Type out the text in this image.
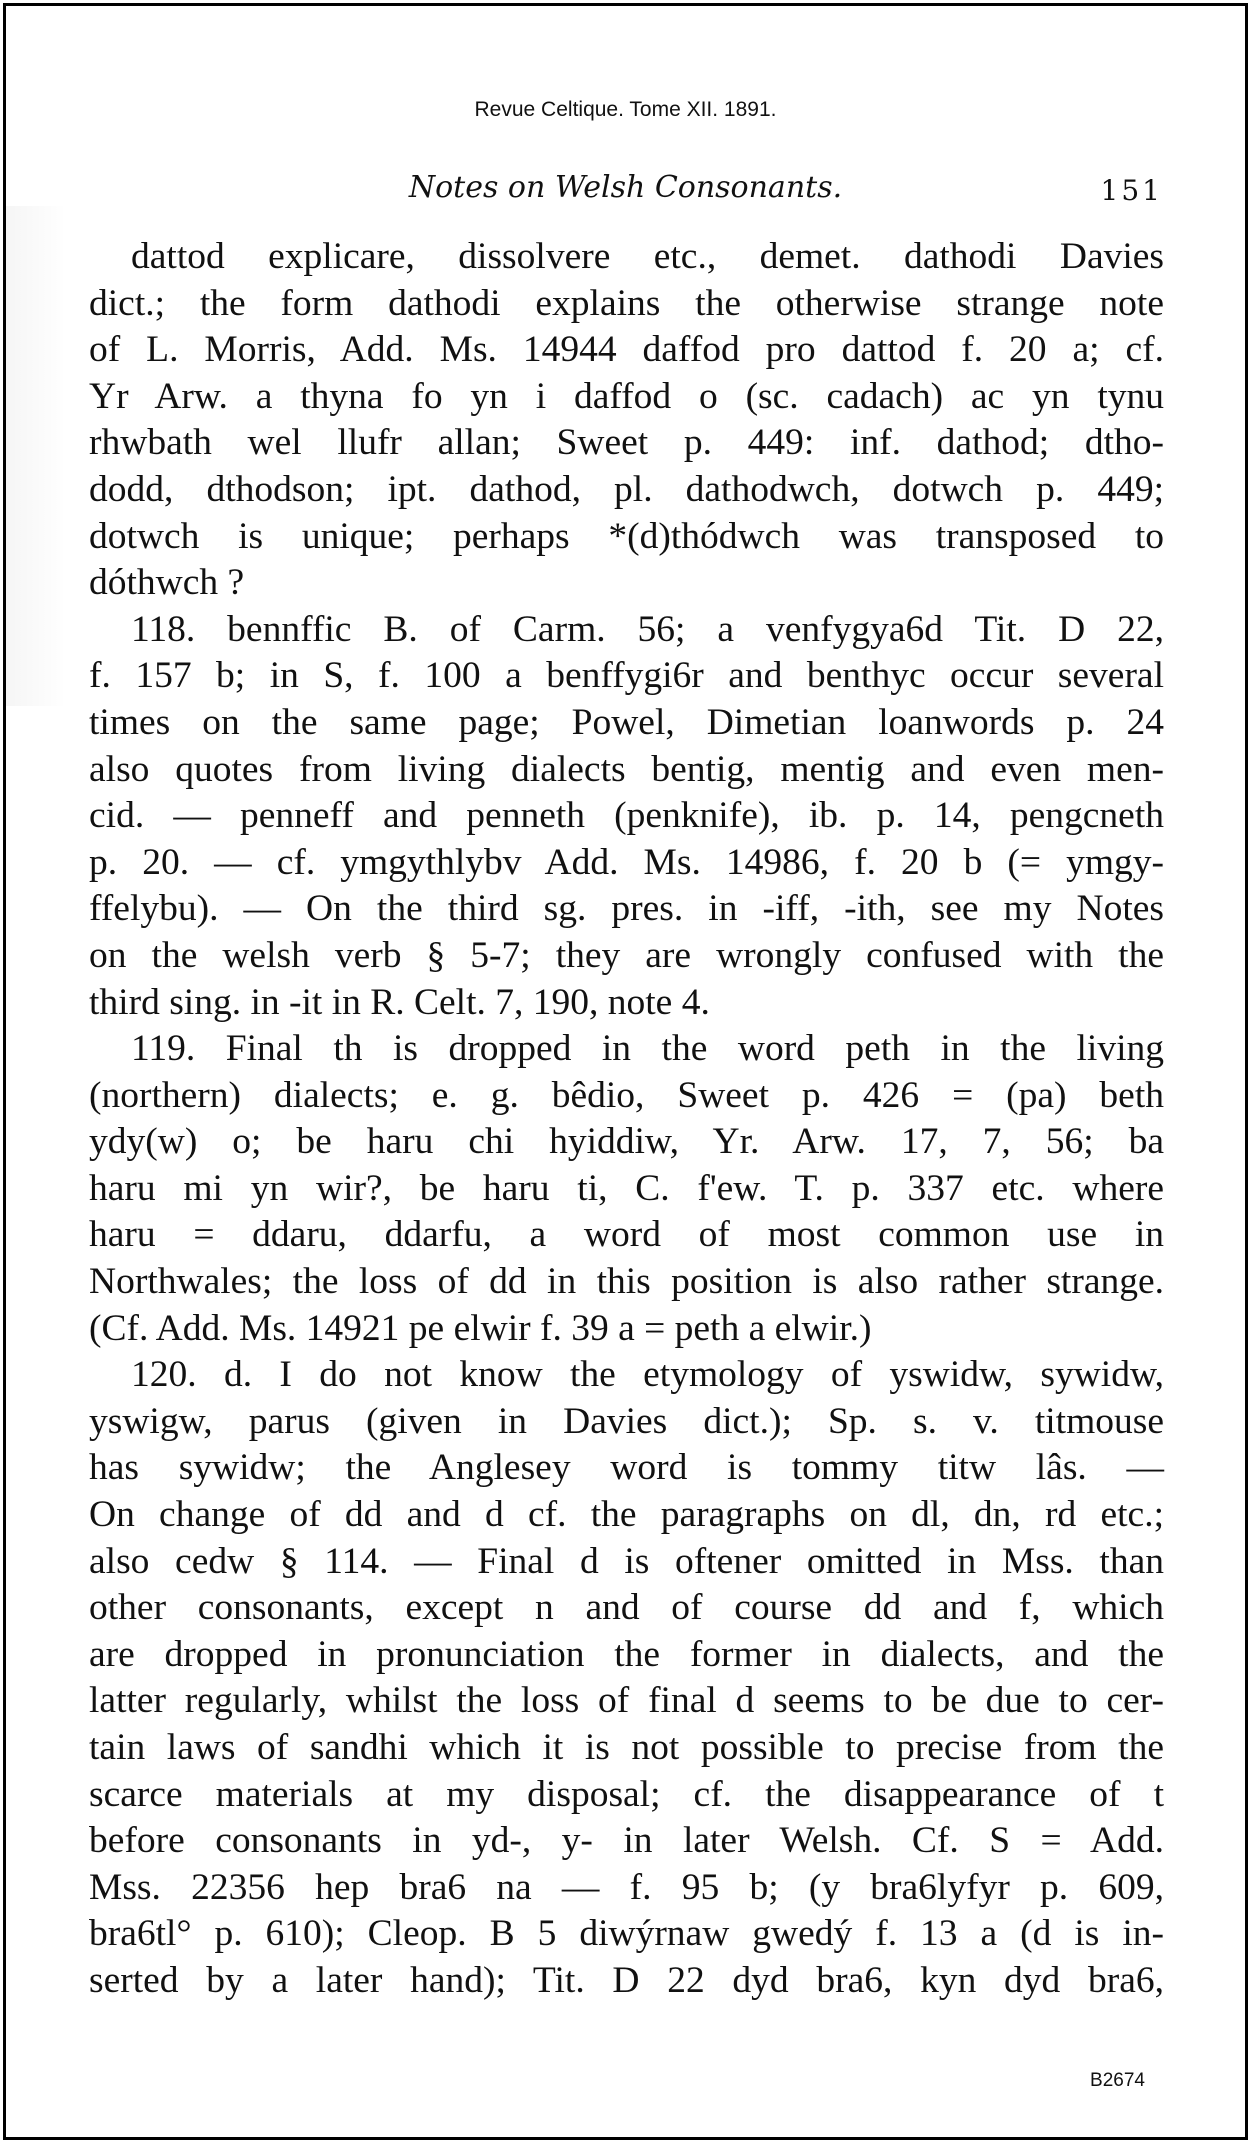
Revue Celtique. Tome XII. 1891.
Notes on Welsh Consonants.	151
dattod explicare, dissolvere etc., demet. dathodi Davies
dict.; the form dathodi explains the otherwise strange note
of L. Morris, Add. Ms. 14944 daffod pro dattod f. 20 a; cf.
Yr Arw. a thyna fo yn i daffod o (sc. cadach) ac yn tynu
rhwbath wel llufr allan; Sweet p. 449: inf. dathod; dtho-
dodd, dthodson; ipt. dathod, pl. dathodwch, dotwch p. 449;
dotwch is unique; perhaps *(d)thódwch was transposed to
dóthwch ?
118. bennffic B. of Carm. 56; a venfygya6d Tit. D 22,
f. 157 b; in S, f. 100 a benffygi6r and benthyc occur several
times on the same page; Powel, Dimetian loanwords p. 24
also quotes from living dialects bentig, mentig and even men-
cid. — penneff and penneth (penknife), ib. p. 14, pengcneth
p. 20. — cf. ymgythlybv Add. Ms. 14986, f. 20 b (= ymgy-
ffelybu). — On the third sg. pres. in -iff, -ith, see my Notes
on the welsh verb § 5-7; they are wrongly confused with the
third sing. in -it in R. Celt. 7, 190, note 4.
119. Final th is dropped in the word peth in the living
(northern) dialects; e. g. bêdio, Sweet p. 426 = (pa) beth
ydy(w) o; be haru chi hyiddiw, Yr. Arw. 17, 7, 56; ba
haru mi yn wir?, be haru ti, C. f'ew. T. p. 337 etc. where
haru = ddaru, ddarfu, a word of most common use in
Northwales; the loss of dd in this position is also rather strange.
(Cf. Add. Ms. 14921 pe elwir f. 39 a = peth a elwir.)
120. d. I do not know the etymology of yswidw, sywidw,
yswigw, parus (given in Davies dict.); Sp. s. v. titmouse
has sywidw; the Anglesey word is tommy titw lâs. —
On change of dd and d cf. the paragraphs on dl, dn, rd etc.;
also cedw § 114. — Final d is oftener omitted in Mss. than
other consonants, except n and of course dd and f, which
are dropped in pronunciation the former in dialects, and the
latter regularly, whilst the loss of final d seems to be due to cer-
tain laws of sandhi which it is not possible to precise from the
scarce materials at my disposal; cf. the disappearance of t
before consonants in yd-, y- in later Welsh. Cf. S = Add.
Mss. 22356 hep bra6 na — f. 95 b; (y bra6lyfyr p. 609,
bra6tl° p. 610); Cleop. B 5 diwýrnaw gwedý f. 13 a (d is in-
serted by a later hand); Tit. D 22 dyd bra6, kyn dyd bra6,
B2674
